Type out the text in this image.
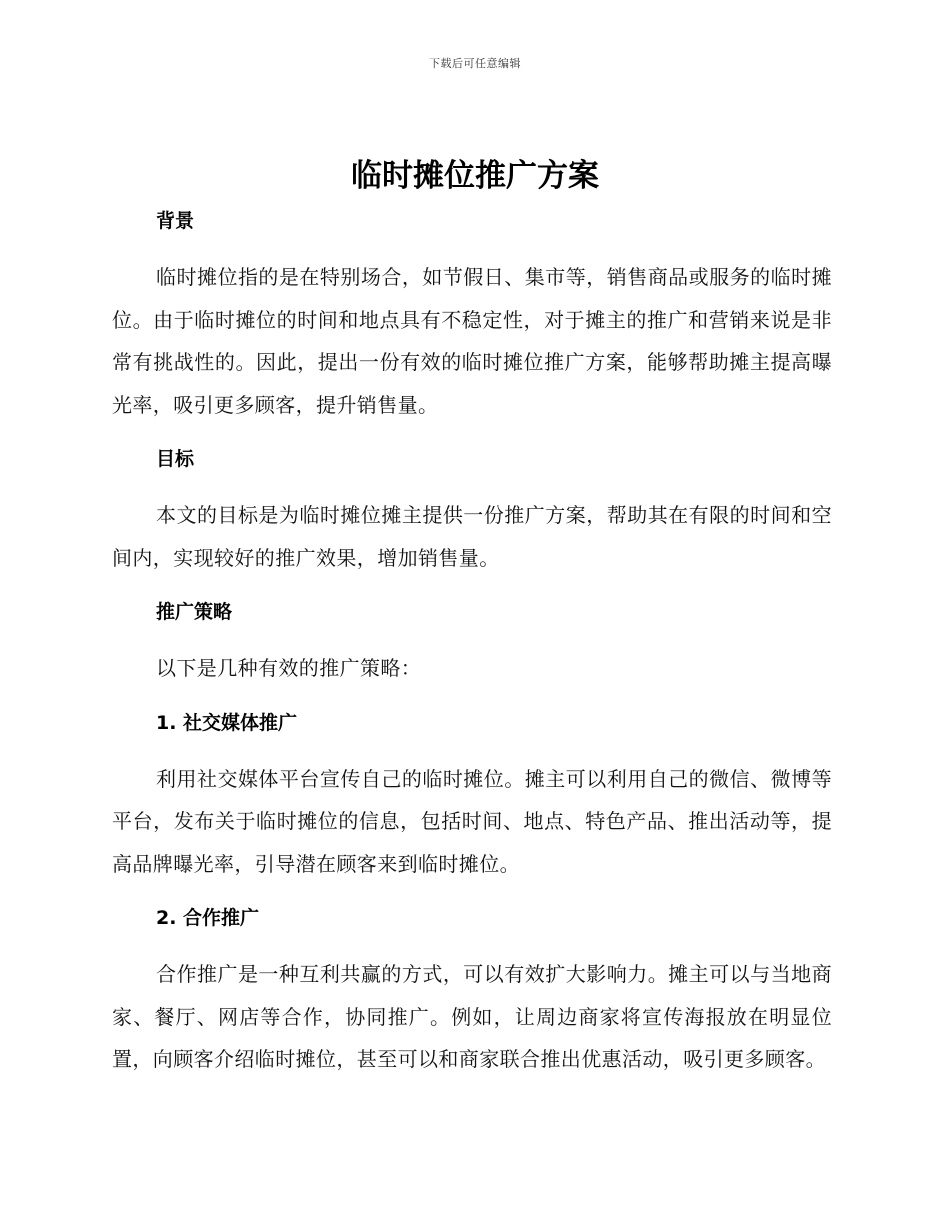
下载后可任意编辑
临时摊位推广方案
背景

临时摊位指的是在特别场合，如节假日、集市等，销售商品或服务的临时摊位。由于临时摊位的时间和地点具有不稳定性，对于摊主的推广和营销来说是非常有挑战性的。因此，提出一份有效的临时摊位推广方案，能够帮助摊主提高曝光率，吸引更多顾客，提升销售量。

目标

本文的目标是为临时摊位摊主提供一份推广方案，帮助其在有限的时间和空间内，实现较好的推广效果，增加销售量。

推广策略

以下是几种有效的推广策略：

1. 社交媒体推广

利用社交媒体平台宣传自己的临时摊位。摊主可以利用自己的微信、微博等平台，发布关于临时摊位的信息，包括时间、地点、特色产品、推出活动等，提高品牌曝光率，引导潜在顾客来到临时摊位。

2. 合作推广

合作推广是一种互利共赢的方式，可以有效扩大影响力。摊主可以与当地商家、餐厅、网店等合作，协同推广。例如，让周边商家将宣传海报放在明显位置，向顾客介绍临时摊位，甚至可以和商家联合推出优惠活动，吸引更多顾客。
